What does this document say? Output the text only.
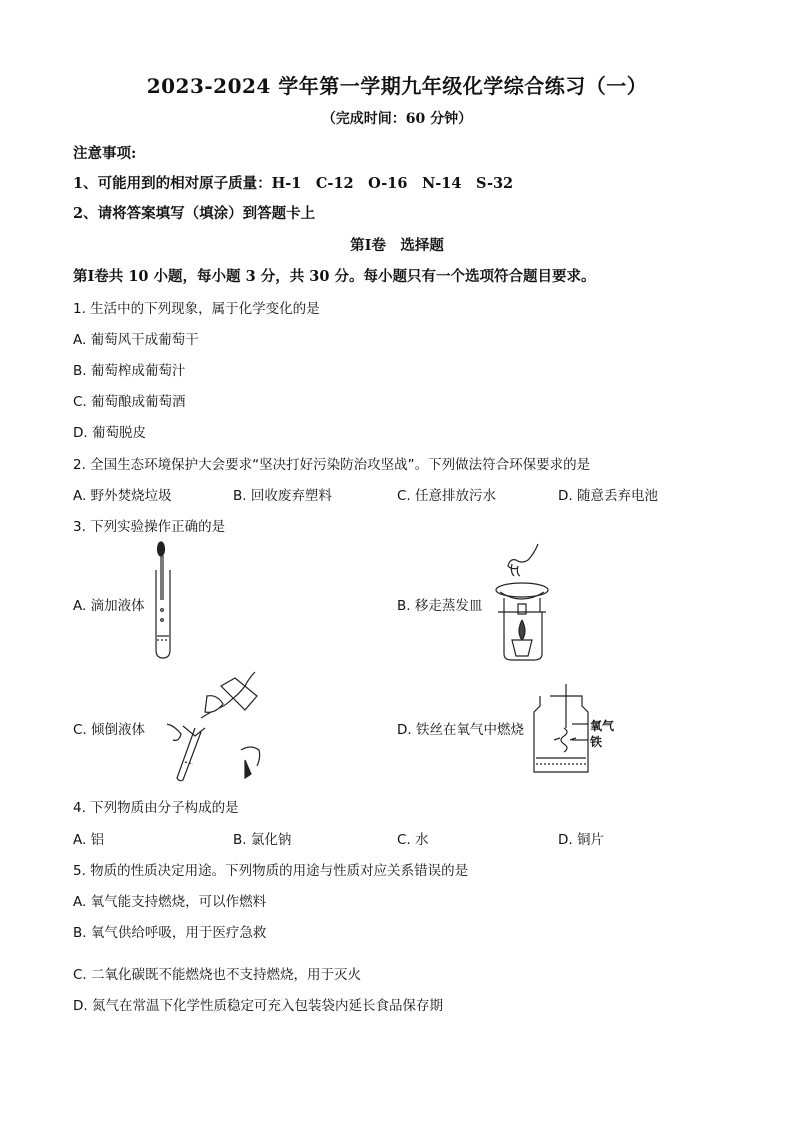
2023-2024 学年第一学期九年级化学综合练习（一）
（完成时间：60 分钟）
注意事项:
1、可能用到的相对原子质量：H-1　C-12　O-16　N-14　S-32
2、请将答案填写（填涂）到答题卡上
第Ⅰ卷　选择题
第Ⅰ卷共 10 小题，每小题 3 分，共 30 分。每小题只有一个选项符合题目要求。
1. 生活中的下列现象，属于化学变化的是
A. 葡萄风干成葡萄干
B. 葡萄榨成葡萄汁
C. 葡萄酿成葡萄酒
D. 葡萄脱皮
2. 全国生态环境保护大会要求“坚决打好污染防治攻坚战”。下列做法符合环保要求的是
A. 野外焚烧垃圾	B. 回收废弃塑料	C. 任意排放污水	D. 随意丢弃电池
3. 下列实验操作正确的是
A. 滴加液体	B. 移走蒸发皿
C. 倾倒液体	D. 铁丝在氧气中燃烧	氧气
铁
4. 下列物质由分子构成的是
A. 铝	B. 氯化钠	C. 水	D. 铜片
5. 物质的性质决定用途。下列物质的用途与性质对应关系错误的是
A. 氧气能支持燃烧，可以作燃料
B. 氧气供给呼吸，用于医疗急救
C. 二氧化碳既不能燃烧也不支持燃烧，用于灭火
D. 氮气在常温下化学性质稳定可充入包装袋内延长食品保存期
